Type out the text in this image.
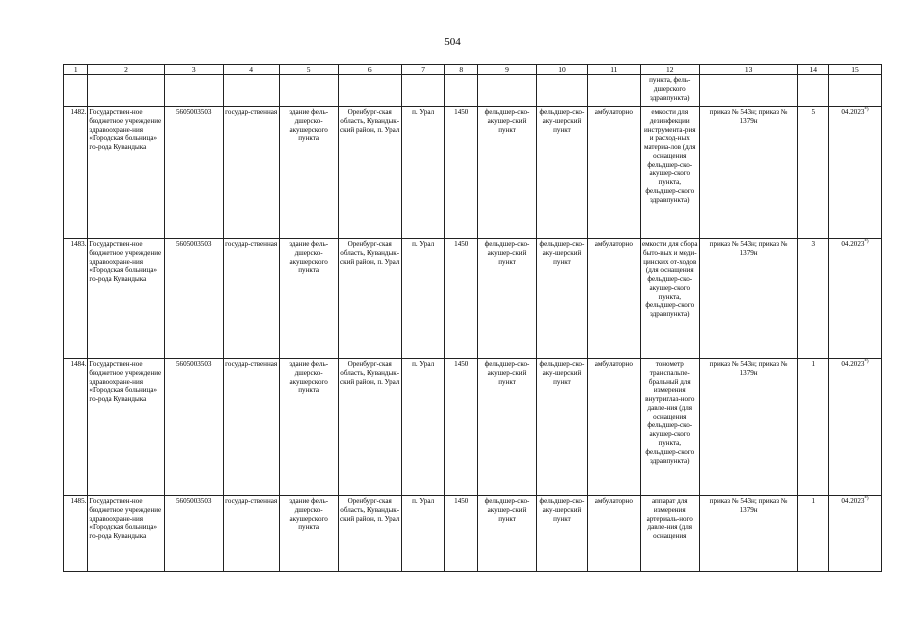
504
1	2	3	4	5	6	7	8	9	10	11	12	13	14	15
											пункта, фель-дшерского здравпункта)			
1482.	Государствен-ное бюджетное учреждение здравоохране-ния «Городская больница» го-рода Кувандыка	5605003503	государ-ственная	здание фель-дшерско-акушерского пункта	Оренбург-ская область, Кувандык-ский район, п. Урал	п. Урал	1450	фельдшер-ско-акушер-ский пункт	фельдшер-ско-аку-шерский пункт	амбулаторно	емкости для дезинфекции инструмента-рия и расход-ных материа-лов (для оснащения фельдшер-ско-акушер-ского пункта, фельдшер-ского здравпункта)	приказ № 543н; приказ № 1379н	5	04.2023*)
1483.	Государствен-ное бюджетное учреждение здравоохране-ния «Городская больница» го-рода Кувандыка	5605003503	государ-ственная	здание фель-дшерско-акушерского пункта	Оренбург-ская область, Кувандык-ский район, п. Урал	п. Урал	1450	фельдшер-ско-акушер-ский пункт	фельдшер-ско-аку-шерский пункт	амбулаторно	емкости для сбора быто-вых и меди-цинских от-ходов (для оснащения фельдшер-ско-акушер-ского пункта, фельдшер-ского здравпункта)	приказ № 543н; приказ № 1379н	3	04.2023*)
1484.	Государствен-ное бюджетное учреждение здравоохране-ния «Городская больница» го-рода Кувандыка	5605003503	государ-ственная	здание фель-дшерско-акушерского пункта	Оренбург-ская область, Кувандык-ский район, п. Урал	п. Урал	1450	фельдшер-ско-акушер-ский пункт	фельдшер-ско-аку-шерский пункт	амбулаторно	тонометр транспальпе-бральный для измерения внутриглаз-ного давле-ния (для оснащения фельдшер-ско-акушер-ского пункта, фельдшер-ского здравпункта)	приказ № 543н; приказ № 1379н	1	04.2023*)
1485.	Государствен-ное бюджетное учреждение здравоохране-ния «Городская больница» го-рода Кувандыка	5605003503	государ-ственная	здание фель-дшерско-акушерского пункта	Оренбург-ская область, Кувандык-ский район, п. Урал	п. Урал	1450	фельдшер-ско-акушер-ский пункт	фельдшер-ско-аку-шерский пункт	амбулаторно	аппарат для измерения артериаль-ного давле-ния (для оснащения	приказ № 543н; приказ № 1379н	1	04.2023*)
